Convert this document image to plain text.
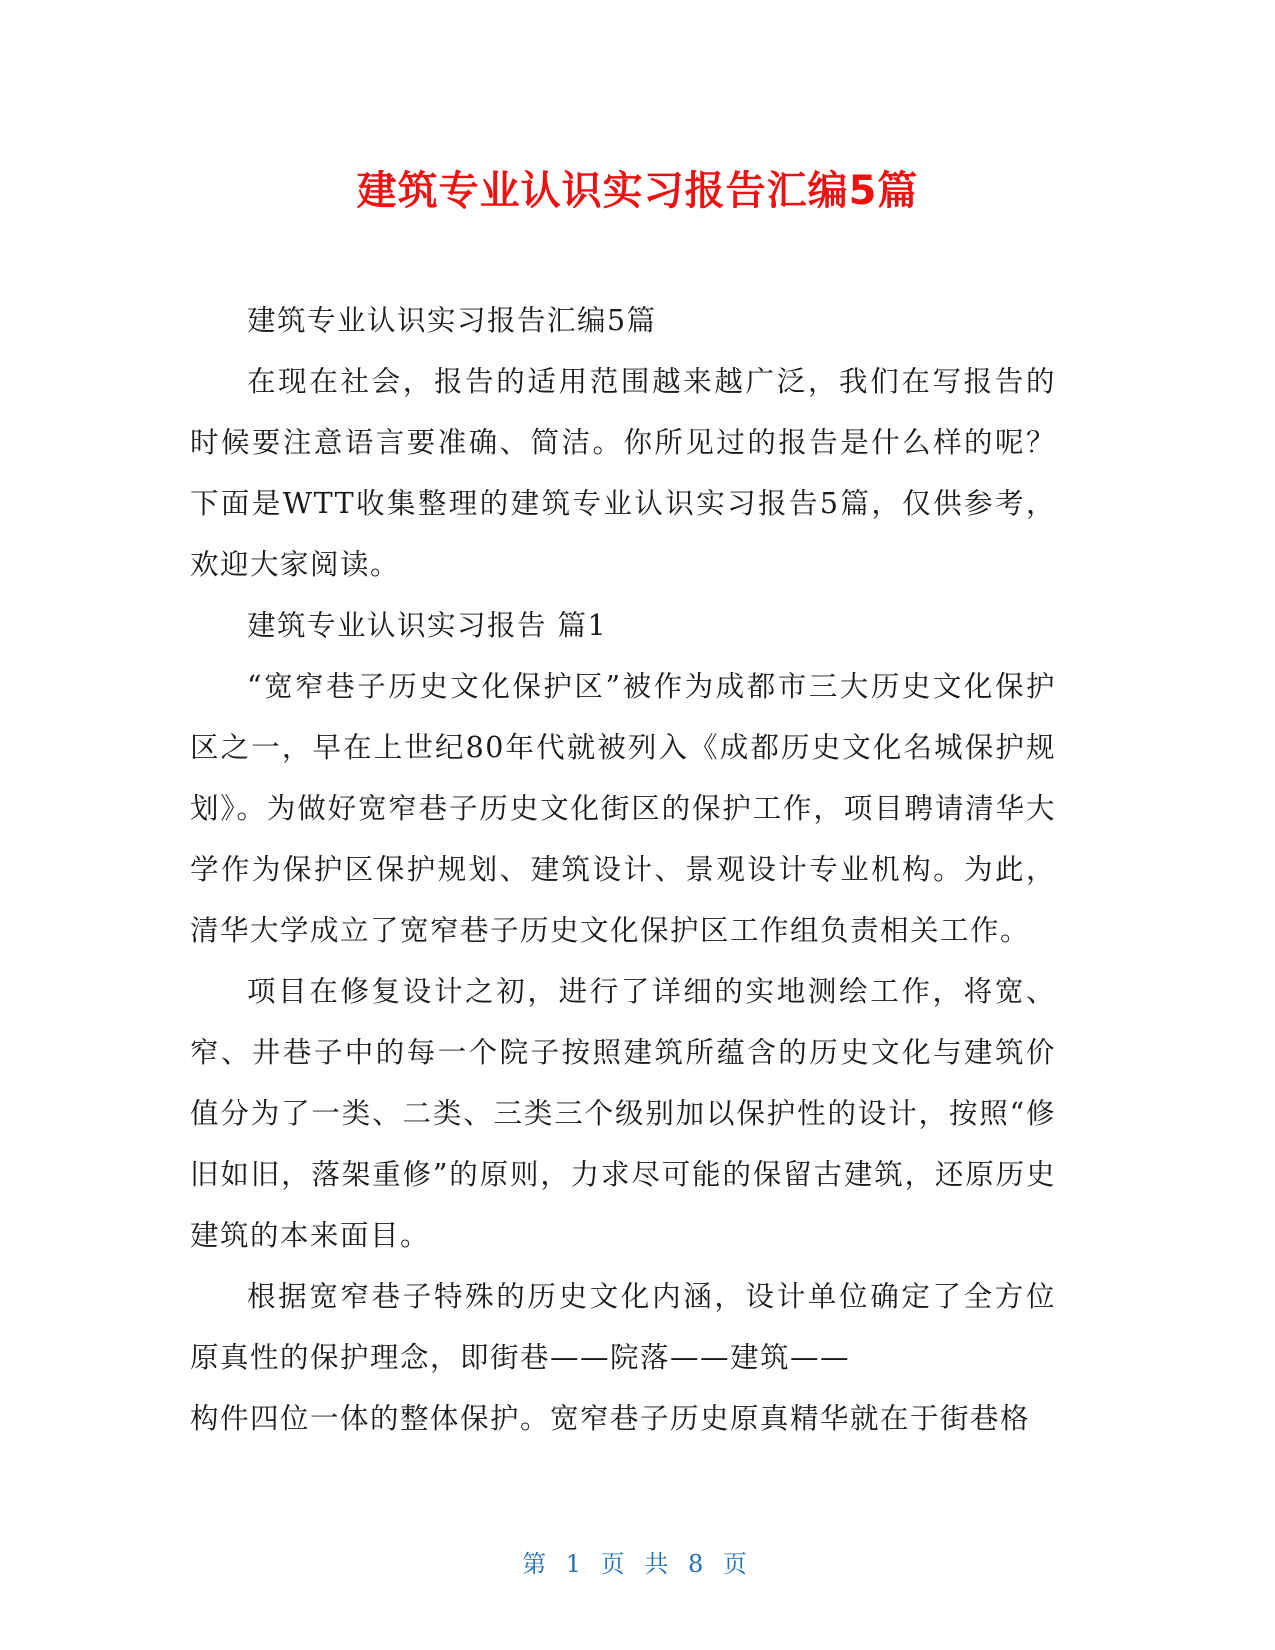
建筑专业认识实习报告汇编5篇

建筑专业认识实习报告汇编5篇

在现在社会，报告的适用范围越来越广泛，我们在写报告的时候要注意语言要准确、简洁。你所见过的报告是什么样的呢？下面是WTT收集整理的建筑专业认识实习报告5篇，仅供参考，欢迎大家阅读。

建筑专业认识实习报告 篇1

“宽窄巷子历史文化保护区”被作为成都市三大历史文化保护区之一，早在上世纪80年代就被列入《成都历史文化名城保护规划》。为做好宽窄巷子历史文化街区的保护工作，项目聘请清华大学作为保护区保护规划、建筑设计、景观设计专业机构。为此，清华大学成立了宽窄巷子历史文化保护区工作组负责相关工作。

项目在修复设计之初，进行了详细的实地测绘工作，将宽、窄、井巷子中的每一个院子按照建筑所蕴含的历史文化与建筑价值分为了一类、二类、三类三个级别加以保护性的设计，按照“修旧如旧，落架重修”的原则，力求尽可能的保留古建筑，还原历史建筑的本来面目。

根据宽窄巷子特殊的历史文化内涵，设计单位确定了全方位原真性的保护理念，即街巷——院落——建筑——

构件四位一体的整体保护。宽窄巷子历史原真精华就在于街巷格

第 1 页 共 8 页
